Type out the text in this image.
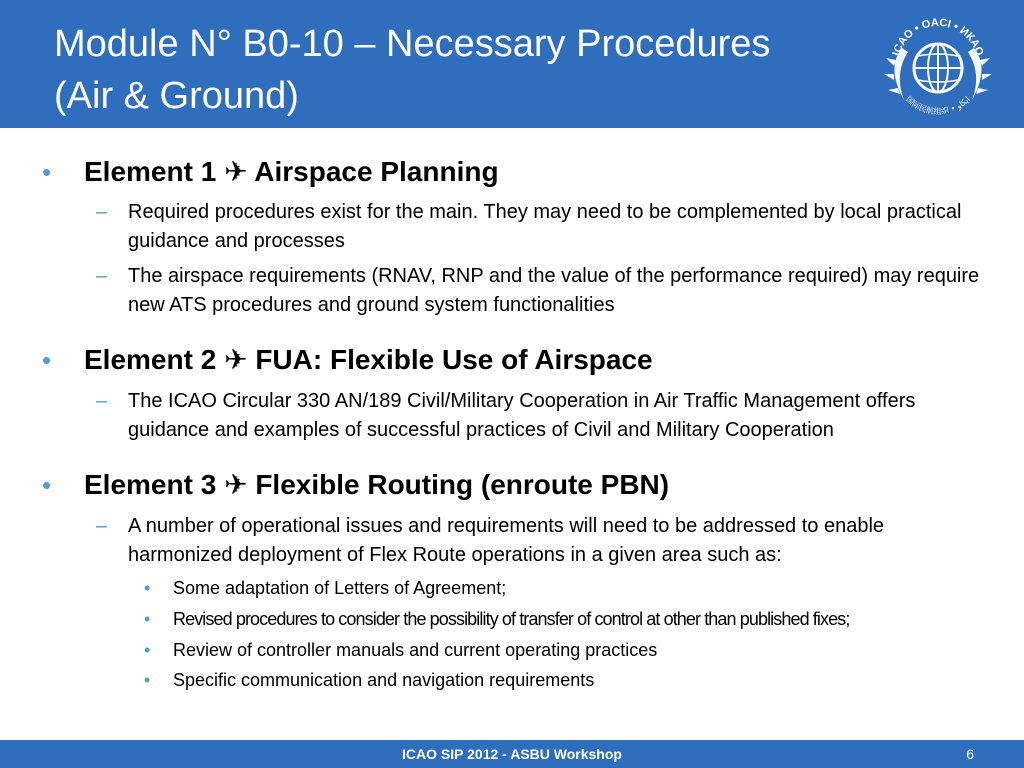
Module N° B0-10 – Necessary Procedures
(Air & Ground)
ICAO • OACI • ИКАО
国际民航组织 • ايكاو
• Element 1 ✈ Airspace Planning
– Required procedures exist for the main. They may need to be complemented by local practical guidance and processes
– The airspace requirements (RNAV, RNP and the value of the performance required) may require new ATS procedures and ground system functionalities
• Element 2 ✈ FUA: Flexible Use of Airspace
– The ICAO Circular 330 AN/189 Civil/Military Cooperation in Air Traffic Management offers guidance and examples of successful practices of Civil and Military Cooperation
• Element 3 ✈ Flexible Routing (enroute PBN)
– A number of operational issues and requirements will need to be addressed to enable harmonized deployment of Flex Route operations in a given area such as:
• Some adaptation of Letters of Agreement;
• Revised procedures to consider the possibility of transfer of control at other than published fixes;
• Review of controller manuals and current operating practices
• Specific communication and navigation requirements
ICAO SIP 2012 - ASBU Workshop	6
